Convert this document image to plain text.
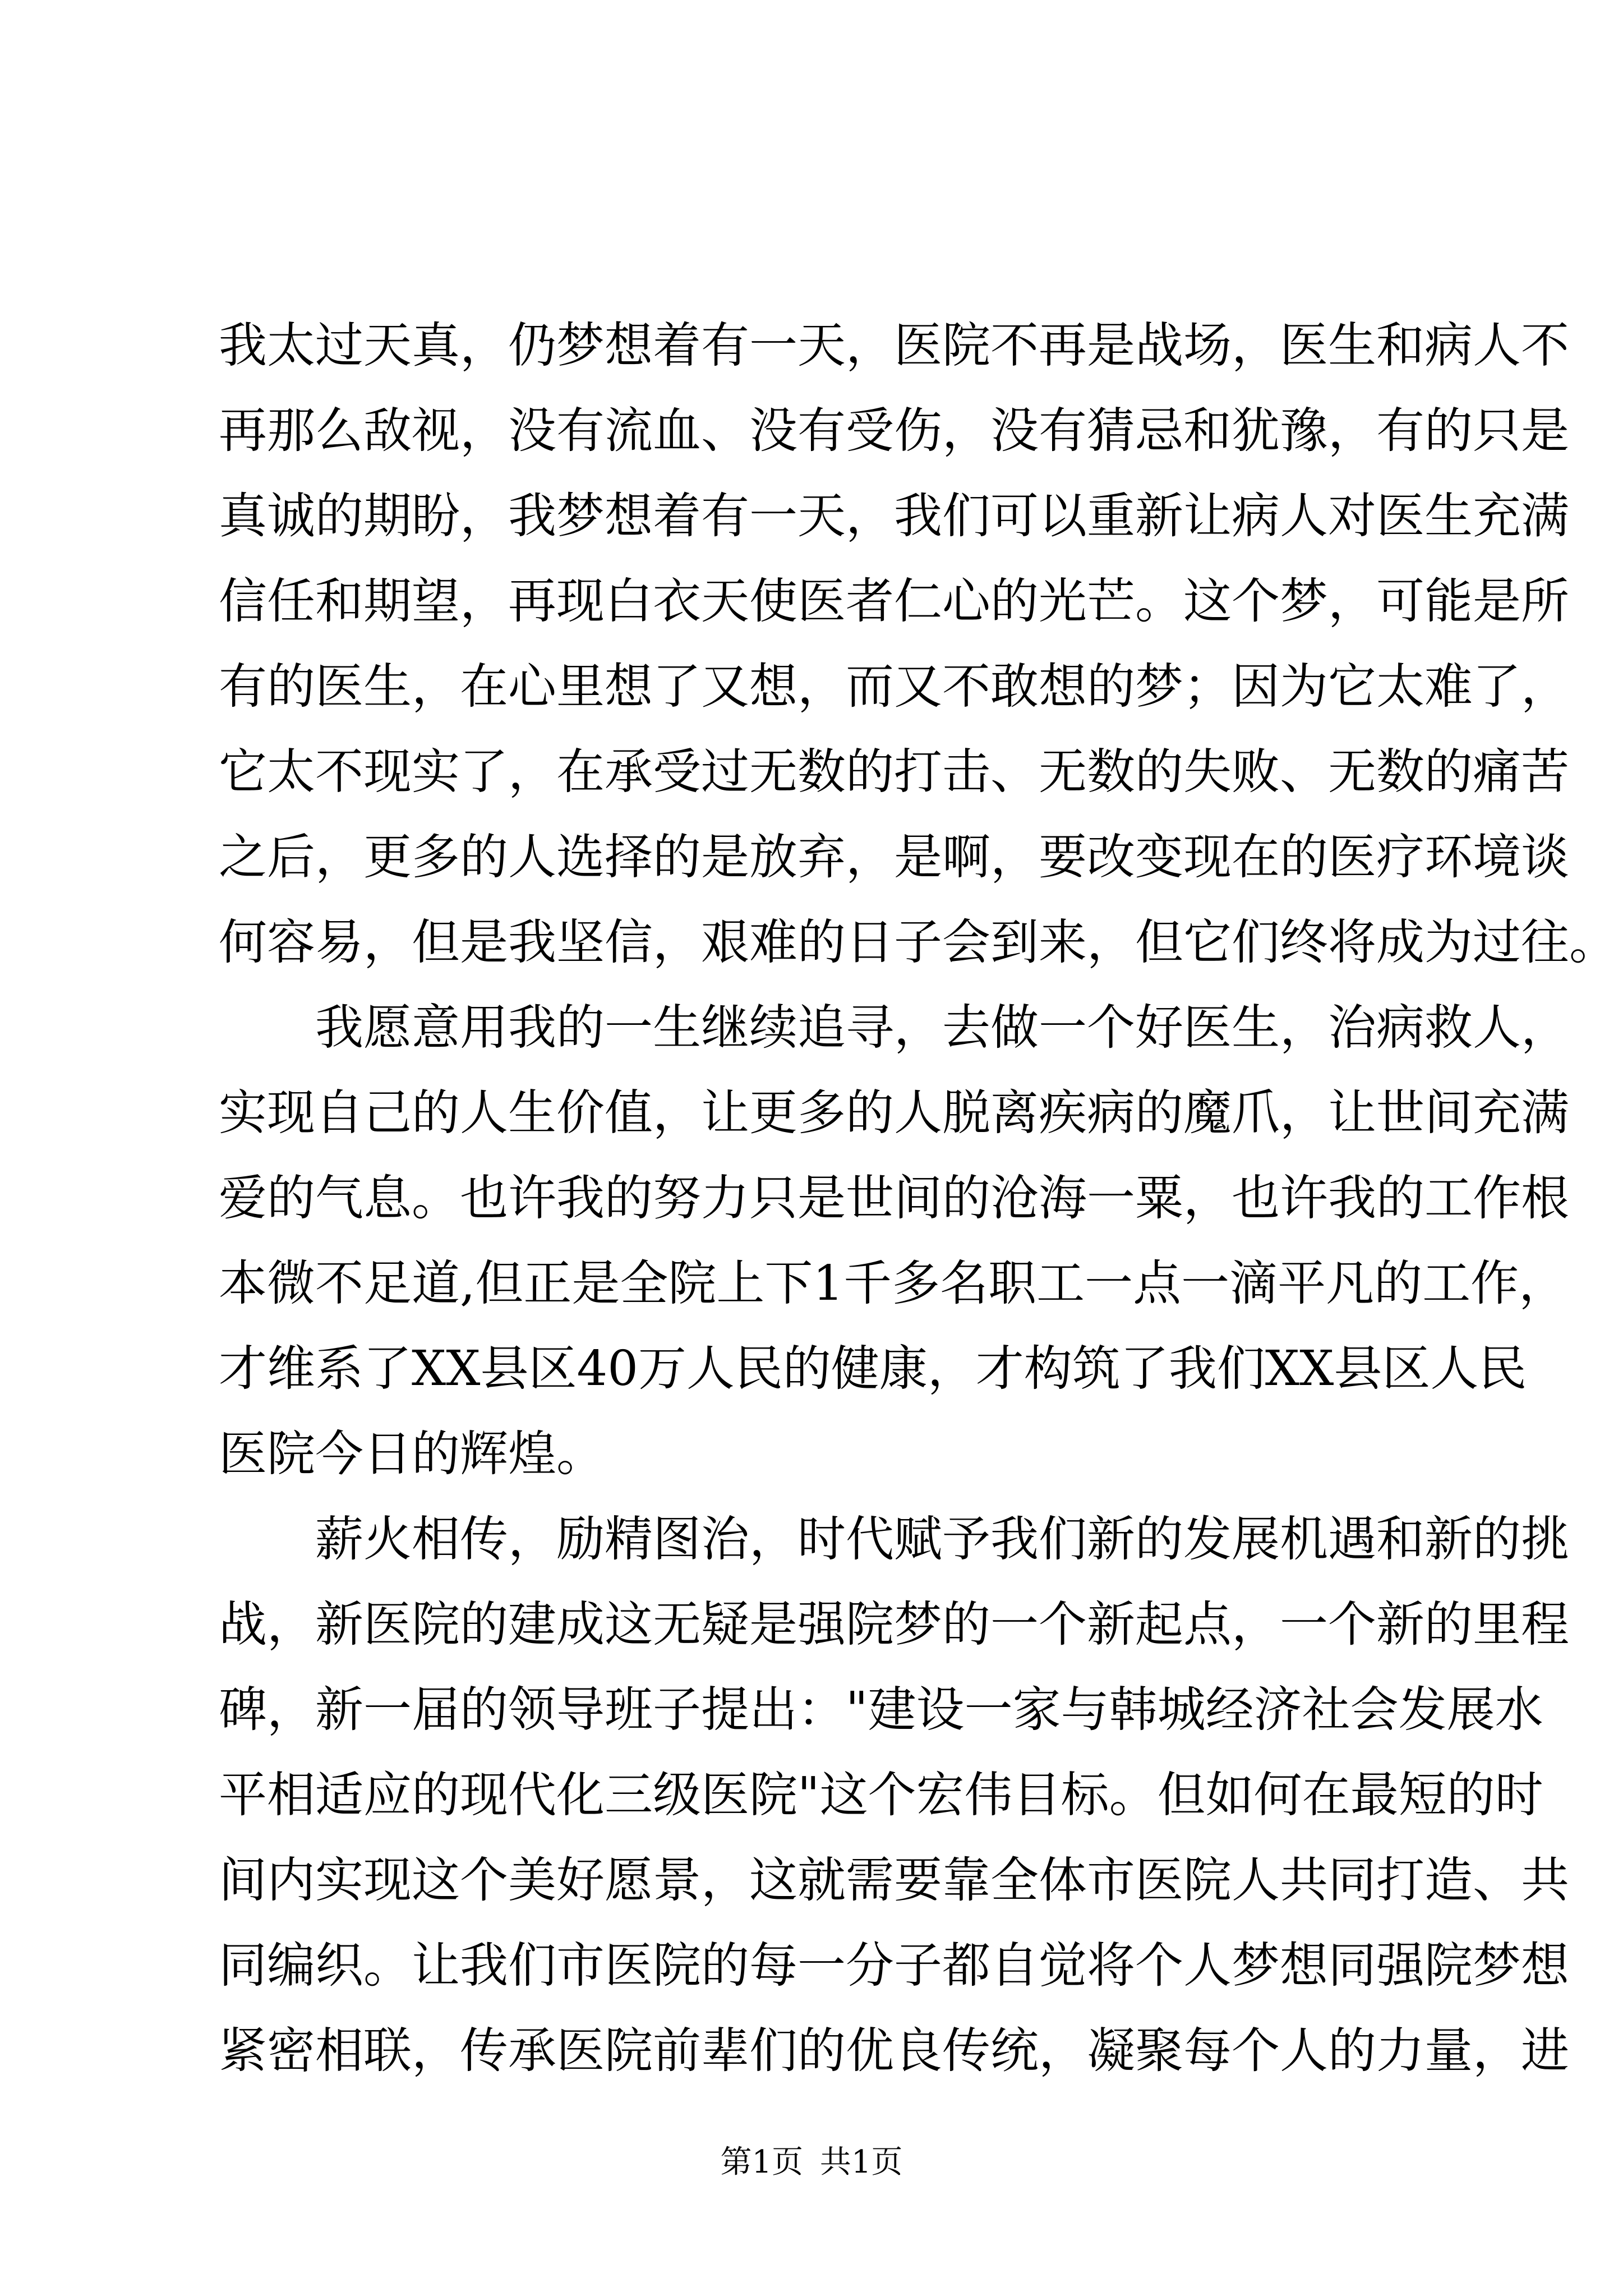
我 太 过 天 真 ， 仍 梦 想 着 有 一 天 ， 医 院 不 再 是 战 场 ， 医 生 和 病 人 不
再 那 么 敌 视 ， 没 有 流 血 、 没 有 受 伤 ， 没 有 猜 忌 和 犹 豫 ， 有 的 只 是
真 诚 的 期 盼 ， 我 梦 想 着 有 一 天 ， 我 们 可 以 重 新 让 病 人 对 医 生 充 满
信 任 和 期 望 ， 再 现 白 衣 天 使 医 者 仁 心 的 光 芒 。 这 个 梦 ， 可 能 是 所
有 的 医 生 ， 在 心 里 想 了 又 想 ， 而 又 不 敢 想 的 梦 ； 因 为 它 太 难 了 ，
它 太 不 现 实 了 ， 在 承 受 过 无 数 的 打 击 、 无 数 的 失 败 、 无 数 的 痛 苦
之 后 ， 更 多 的 人 选 择 的 是 放 弃 ， 是 啊 ， 要 改 变 现 在 的 医 疗 环 境 谈
何 容 易 ， 但 是 我 坚 信 ， 艰 难 的 日 子 会 到 来 ， 但 它 们 终 将 成 为 过 往 。
我 愿 意 用 我 的 一 生 继 续 追 寻 ， 去 做 一 个 好 医 生 ， 治 病 救 人 ，
实 现 自 己 的 人 生 价 值 ， 让 更 多 的 人 脱 离 疾 病 的 魔 爪 ， 让 世 间 充 满
爱 的 气 息 。 也 许 我 的 努 力 只 是 世 间 的 沧 海 一 粟 ， 也 许 我 的 工 作 根
本 微 不 足 道 , 但 正 是 全 院 上 下 1 千 多 名 职 工 一 点 一 滴 平 凡 的 工 作 ，
才 维 系 了 X X 县 区 4 0 万 人 民 的 健 康 ， 才 构 筑 了 我 们 X X 县 区 人 民
医院今日的辉煌。
薪 火 相 传 ， 励 精 图 治 ， 时 代 赋 予 我 们 新 的 发 展 机 遇 和 新 的 挑
战 ， 新 医 院 的 建 成 这 无 疑 是 强 院 梦 的 一 个 新 起 点 ， 一 个 新 的 里 程
碑 ， 新 一 届 的 领 导 班 子 提 出 ： " 建 设 一 家 与 韩 城 经 济 社 会 发 展 水
平 相 适 应 的 现 代 化 三 级 医 院 " 这 个 宏 伟 目 标 。 但 如 何 在 最 短 的 时
间 内 实 现 这 个 美 好 愿 景 ， 这 就 需 要 靠 全 体 市 医 院 人 共 同 打 造 、 共
同 编 织 。 让 我 们 市 医 院 的 每 一 分 子 都 自 觉 将 个 人 梦 想 同 强 院 梦 想
紧 密 相 联 ， 传 承 医 院 前 辈 们 的 优 良 传 统 ， 凝 聚 每 个 人 的 力 量 ， 进
第1页 共1页
